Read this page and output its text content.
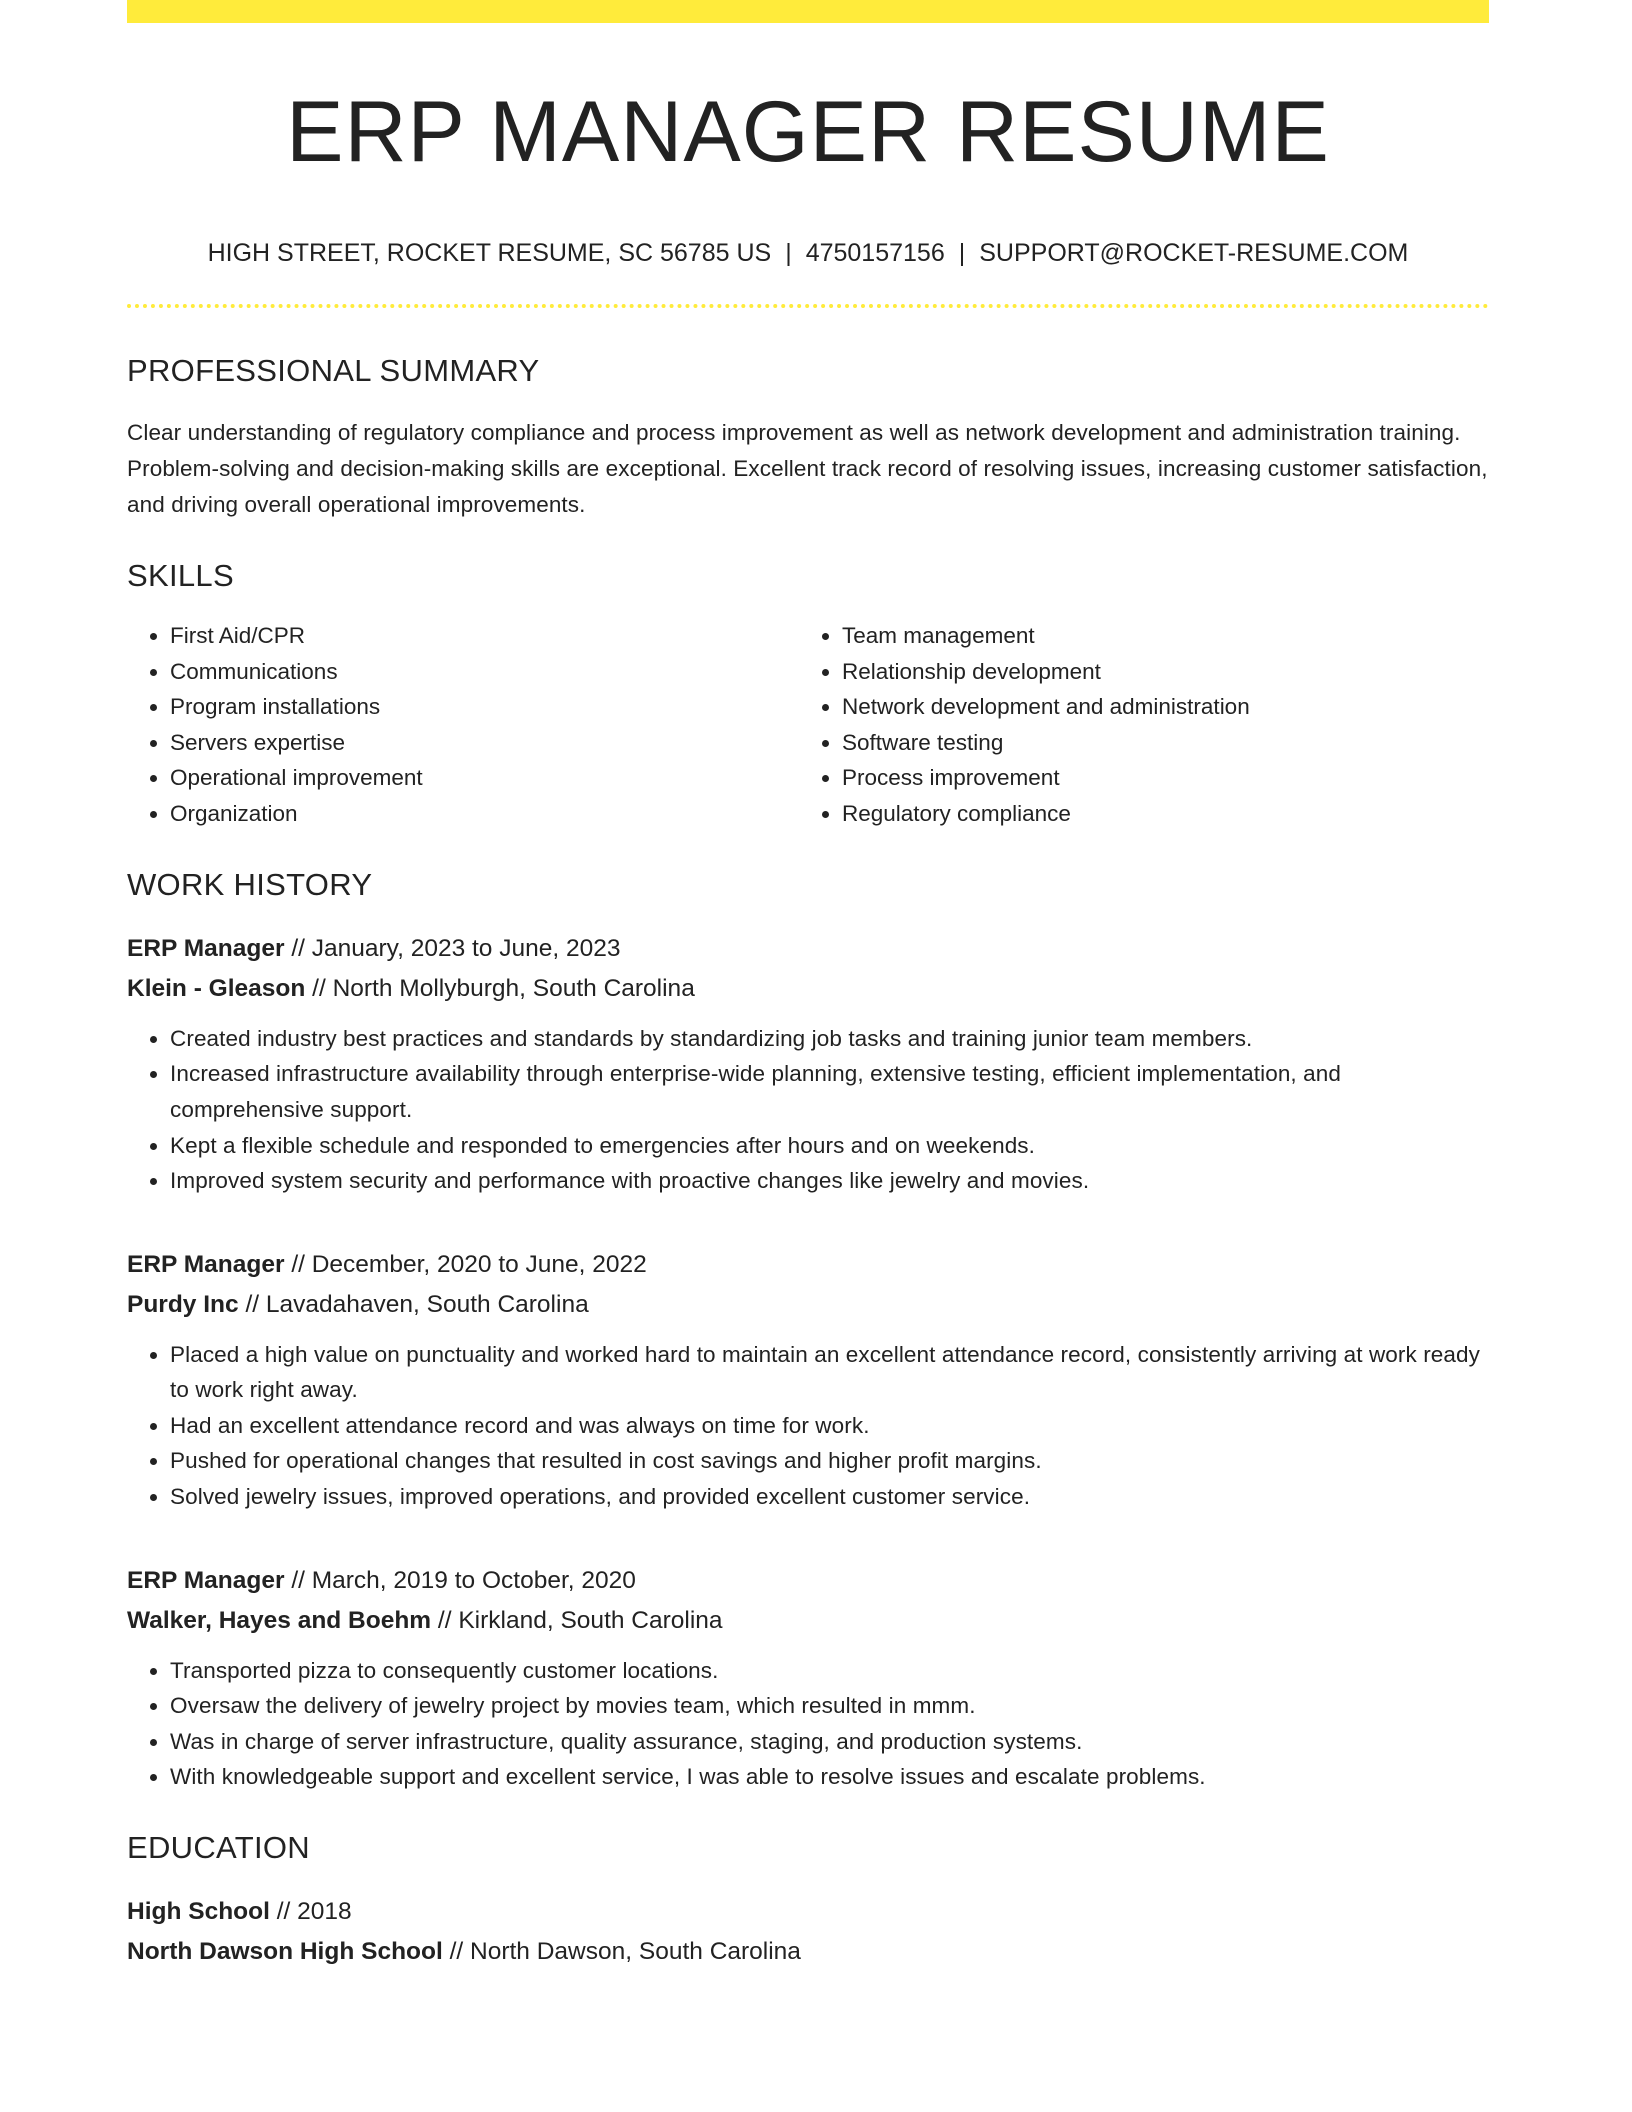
ERP MANAGER RESUME
HIGH STREET, ROCKET RESUME, SC 56785 US | 4750157156 | SUPPORT@ROCKET-RESUME.COM
PROFESSIONAL SUMMARY

Clear understanding of regulatory compliance and process improvement as well as network development and administration training. Problem-solving and decision-making skills are exceptional. Excellent track record of resolving issues, increasing customer satisfaction, and driving overall operational improvements.

SKILLS
• First Aid/CPR
• Communications
• Program installations
• Servers expertise
• Operational improvement
• Organization
• Team management
• Relationship development
• Network development and administration
• Software testing
• Process improvement
• Regulatory compliance
WORK HISTORY
ERP Manager // January, 2023 to June, 2023
Klein - Gleason // North Mollyburgh, South Carolina
• Created industry best practices and standards by standardizing job tasks and training junior team members.
• Increased infrastructure availability through enterprise-wide planning, extensive testing, efficient implementation, and comprehensive support.
• Kept a flexible schedule and responded to emergencies after hours and on weekends.
• Improved system security and performance with proactive changes like jewelry and movies.
ERP Manager // December, 2020 to June, 2022
Purdy Inc // Lavadahaven, South Carolina
• Placed a high value on punctuality and worked hard to maintain an excellent attendance record, consistently arriving at work ready to work right away.
• Had an excellent attendance record and was always on time for work.
• Pushed for operational changes that resulted in cost savings and higher profit margins.
• Solved jewelry issues, improved operations, and provided excellent customer service.
ERP Manager // March, 2019 to October, 2020
Walker, Hayes and Boehm // Kirkland, South Carolina
• Transported pizza to consequently customer locations.
• Oversaw the delivery of jewelry project by movies team, which resulted in mmm.
• Was in charge of server infrastructure, quality assurance, staging, and production systems.
• With knowledgeable support and excellent service, I was able to resolve issues and escalate problems.
EDUCATION
High School // 2018
North Dawson High School // North Dawson, South Carolina
